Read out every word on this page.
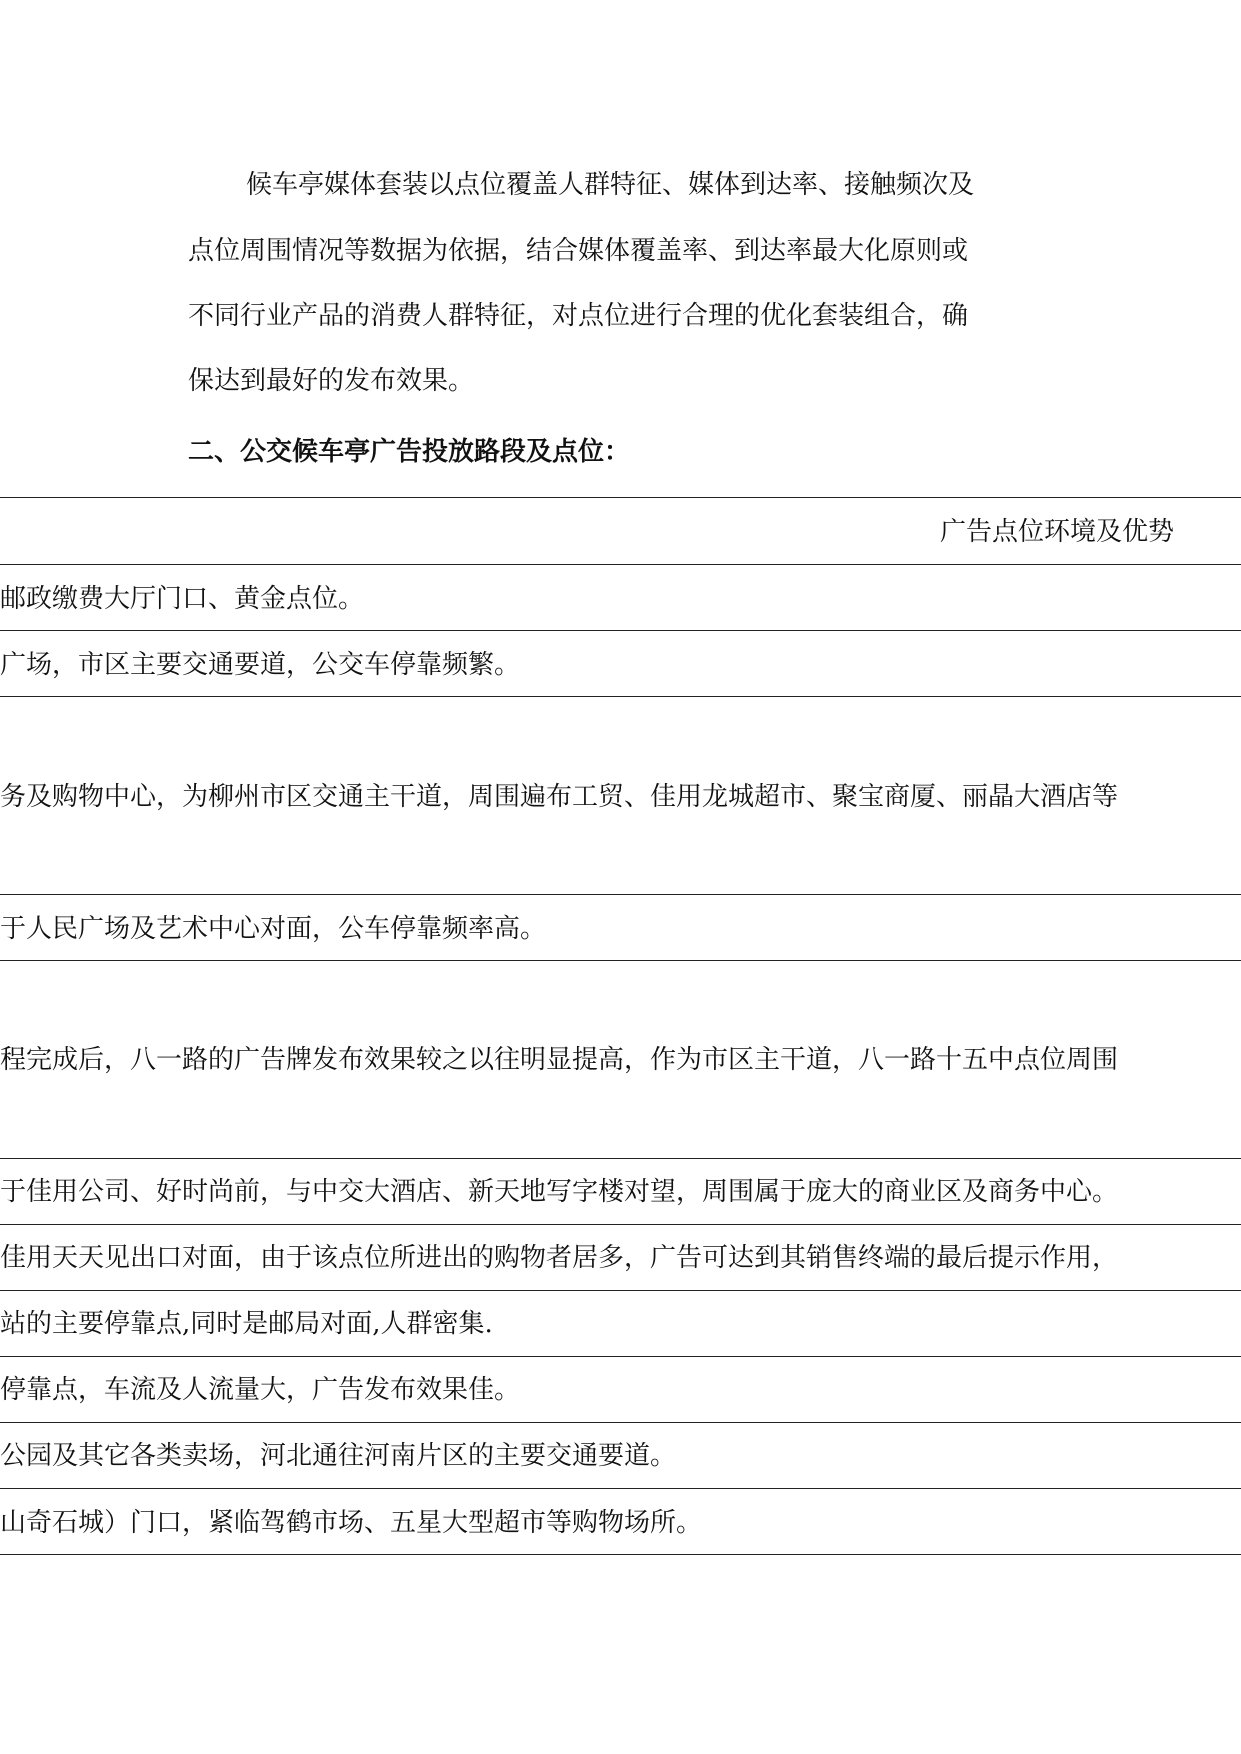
候车亭媒体套装以点位覆盖人群特征、媒体到达率、接触频次及
点位周围情况等数据为依据，结合媒体覆盖率、到达率最大化原则或
不同行业产品的消费人群特征，对点位进行合理的优化套装组合，确
保达到最好的发布效果。
二、公交候车亭广告投放路段及点位：
广告点位环境及优势
邮政缴费大厅门口、黄金点位。
广场，市区主要交通要道，公交车停靠频繁。
务及购物中心，为柳州市区交通主干道，周围遍布工贸、佳用龙城超市、聚宝商厦、丽晶大酒店等
于人民广场及艺术中心对面，公车停靠频率高。
程完成后，八一路的广告牌发布效果较之以往明显提高，作为市区主干道，八一路十五中点位周围
于佳用公司、好时尚前，与中交大酒店、新天地写字楼对望，周围属于庞大的商业区及商务中心。
佳用天天见出口对面，由于该点位所进出的购物者居多，广告可达到其销售终端的最后提示作用，
站的主要停靠点,同时是邮局对面,人群密集.
停靠点，车流及人流量大，广告发布效果佳。
公园及其它各类卖场，河北通往河南片区的主要交通要道。
山奇石城）门口，紧临驾鹤市场、五星大型超市等购物场所。
